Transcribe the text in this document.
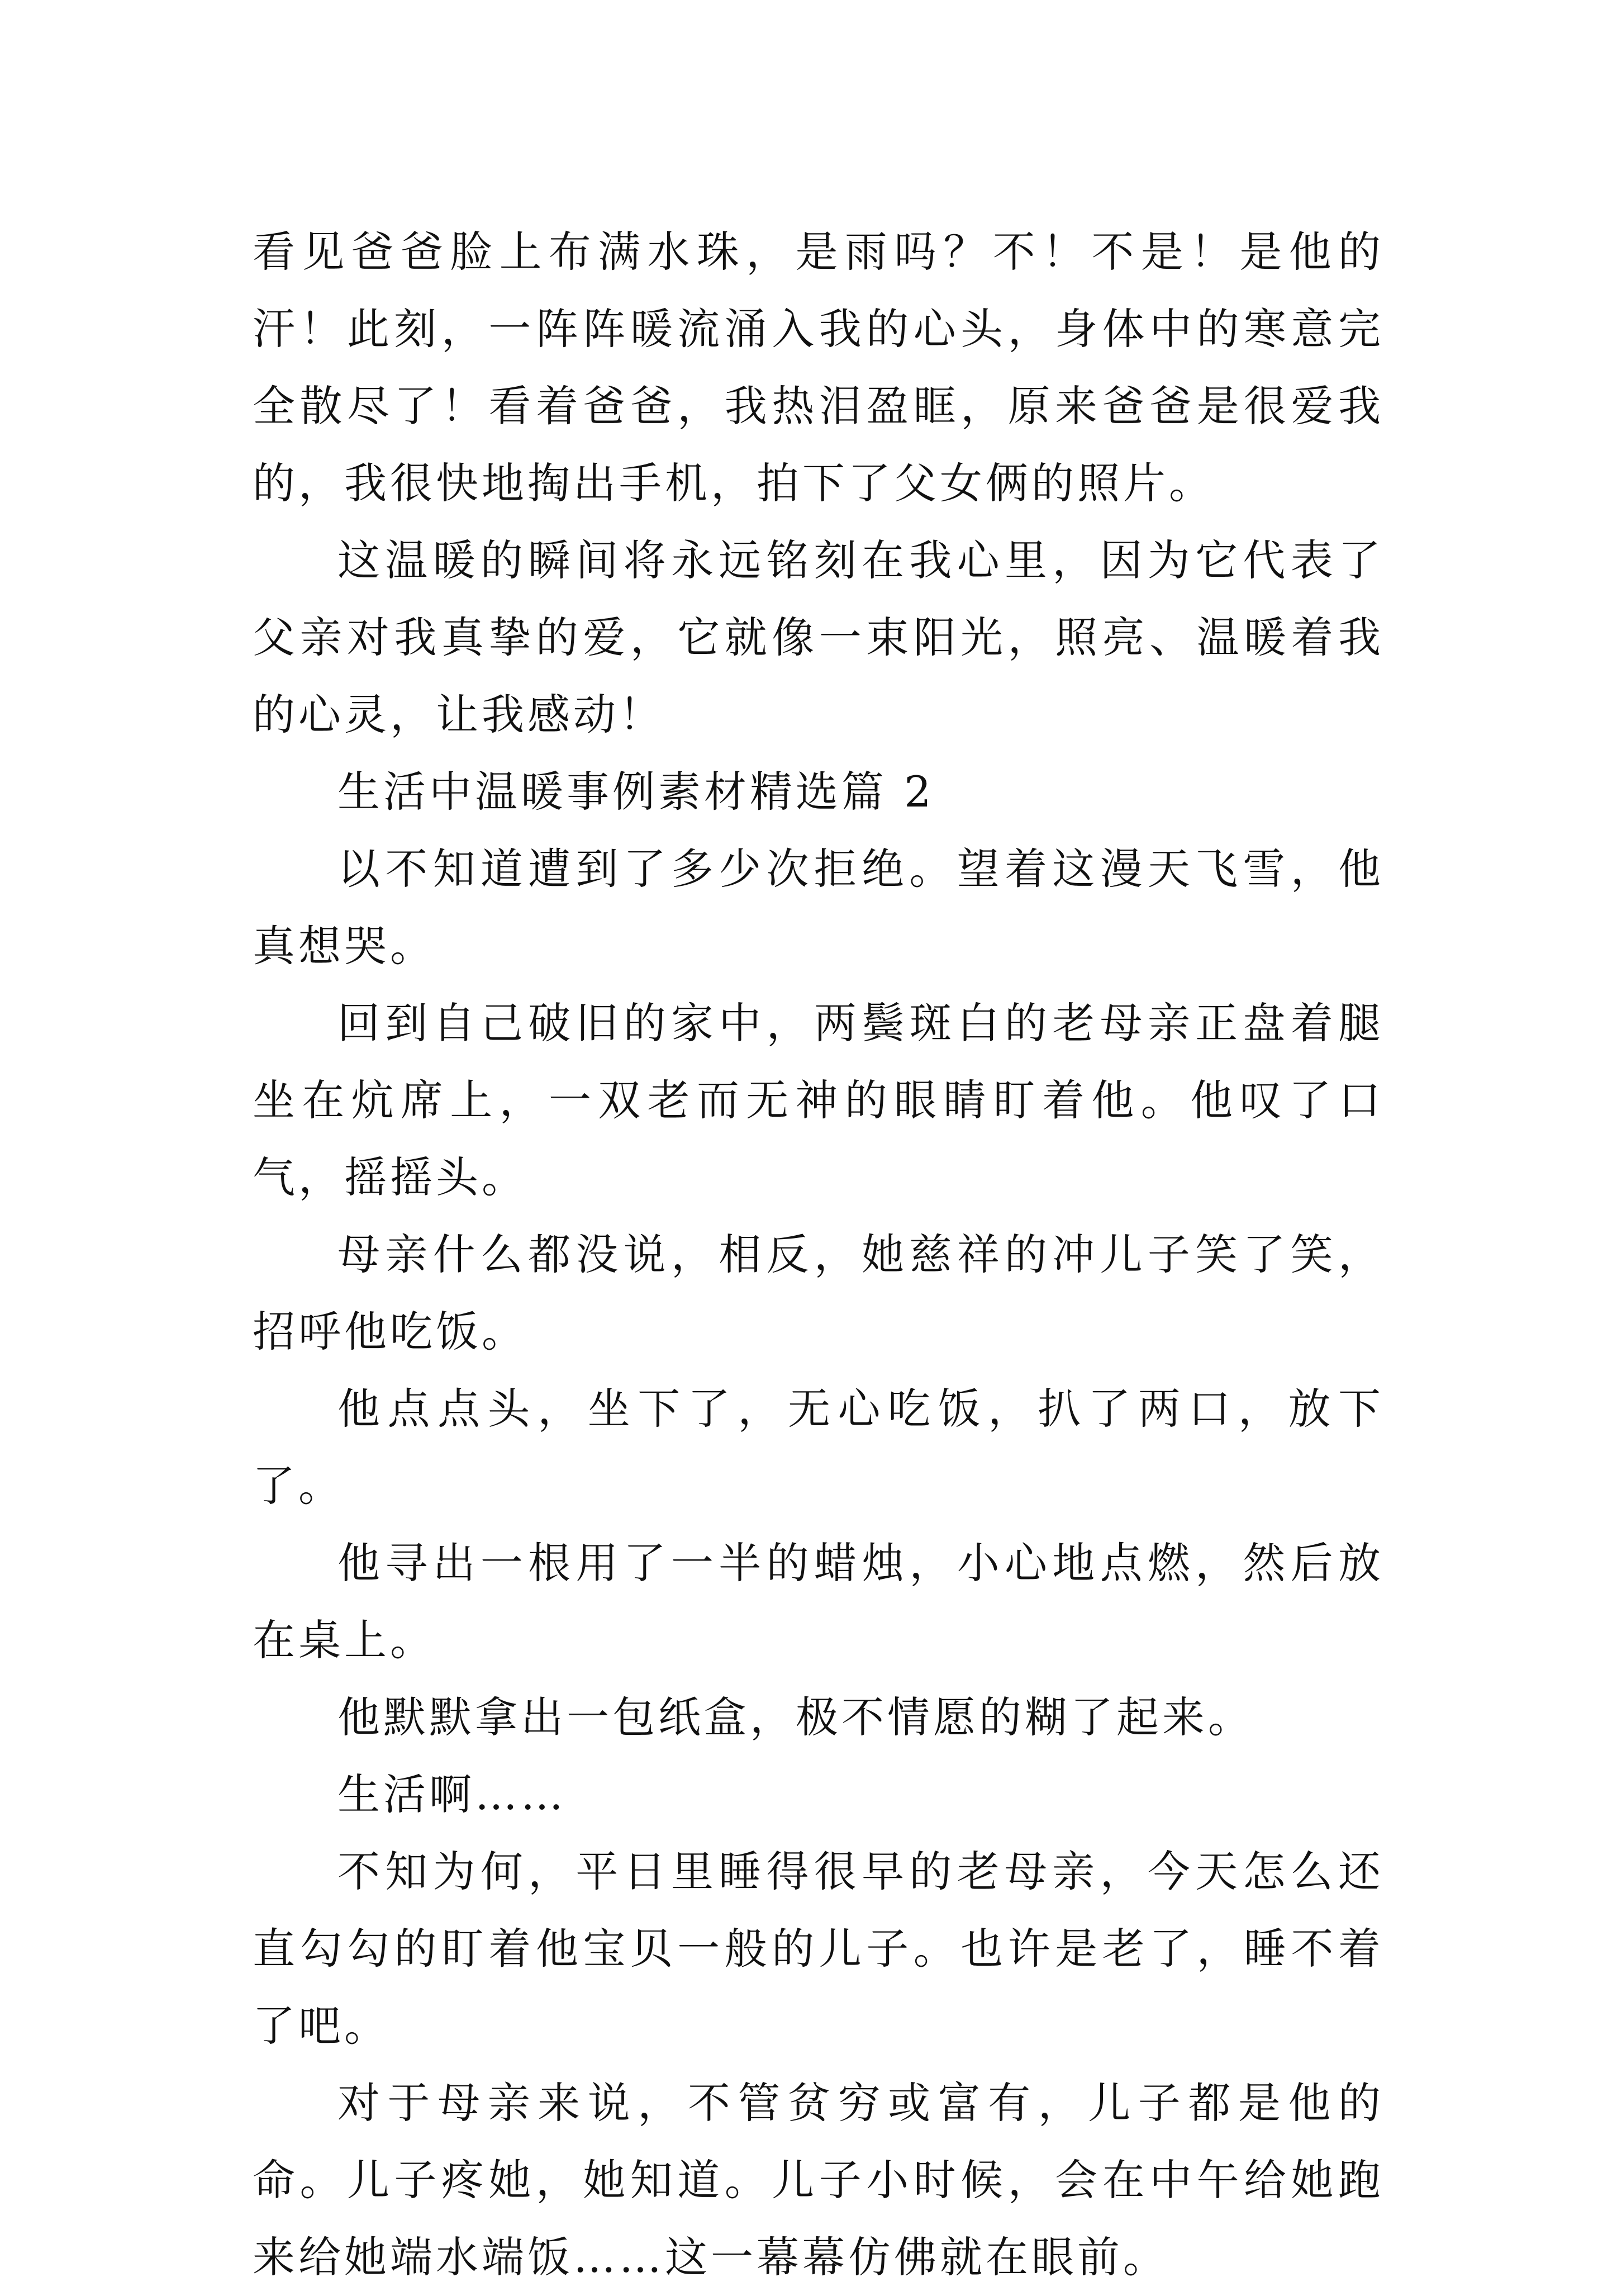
看见爸爸脸上布满水珠，是雨吗？不！不是！是他的汗！此刻，一阵阵暖流涌入我的心头，身体中的寒意完全散尽了！看着爸爸，我热泪盈眶，原来爸爸是很爱我的，我很快地掏出手机，拍下了父女俩的照片。

这温暖的瞬间将永远铭刻在我心里，因为它代表了父亲对我真挚的爱，它就像一束阳光，照亮、温暖着我的心灵，让我感动！

生活中温暖事例素材精选篇 2

以不知道遭到了多少次拒绝。望着这漫天飞雪，他真想哭。

回到自己破旧的家中，两鬓斑白的老母亲正盘着腿坐在炕席上，一双老而无神的眼睛盯着他。他叹了口气，摇摇头。

母亲什么都没说，相反，她慈祥的冲儿子笑了笑，招呼他吃饭。

他点点头，坐下了，无心吃饭，扒了两口，放下了。

他寻出一根用了一半的蜡烛，小心地点燃，然后放在桌上。

他默默拿出一包纸盒，极不情愿的糊了起来。

生活啊……

不知为何，平日里睡得很早的老母亲，今天怎么还直勾勾的盯着他宝贝一般的儿子。也许是老了，睡不着了吧。

对于母亲来说，不管贫穷或富有，儿子都是他的命。儿子疼她，她知道。儿子小时候，会在中午给她跑来给她端水端饭……这一幕幕仿佛就在眼前。
